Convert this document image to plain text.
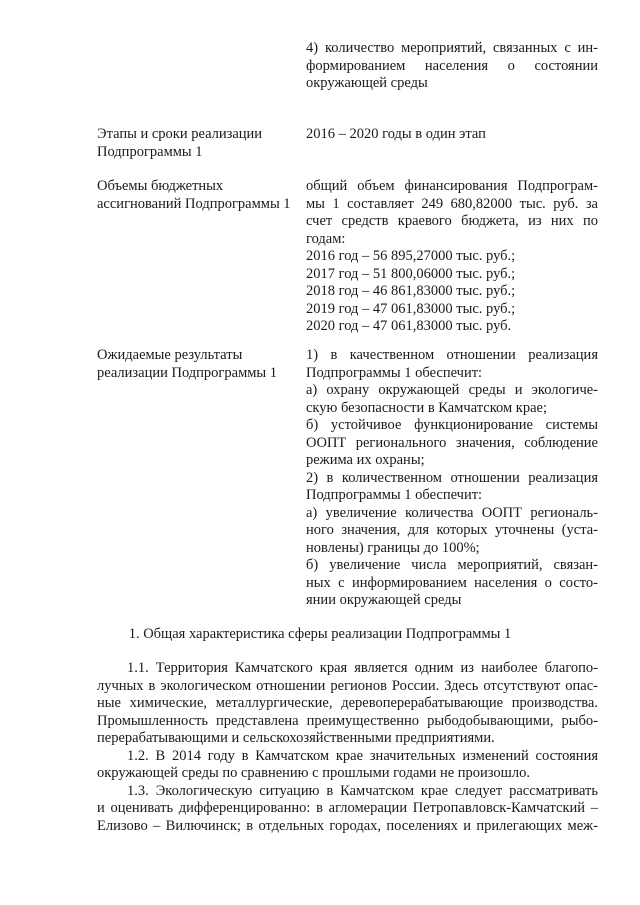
4) количество мероприятий, связанных с ин-
формированием населения о состоянии
окружающей среды
Этапы и сроки реализации
Подпрограммы 1
2016 – 2020 годы в один этап
Объемы бюджетных
ассигнований Подпрограммы 1
общий объем финансирования Подпрограм-
мы 1 составляет 249 680,82000 тыс. руб. за
счет средств краевого бюджета, из них по
годам:
2016 год – 56 895,27000 тыс. руб.;
2017 год – 51 800,06000 тыс. руб.;
2018 год – 46 861,83000 тыс. руб.;
2019 год – 47 061,83000 тыс. руб.;
2020 год – 47 061,83000 тыс. руб.
Ожидаемые результаты
реализации Подпрограммы 1
1) в качественном отношении реализация
Подпрограммы 1 обеспечит:
а) охрану окружающей среды и экологиче-
скую безопасности в Камчатском крае;
б) устойчивое функционирование системы
ООПТ регионального значения, соблюдение
режима их охраны;
2) в количественном отношении реализация
Подпрограммы 1 обеспечит:
а) увеличение количества ООПТ региональ-
ного значения, для которых уточнены (уста-
новлены) границы до 100%;
б) увеличение числа мероприятий, связан-
ных с информированием населения о состо-
янии окружающей среды
1. Общая характеристика сферы реализации Подпрограммы 1
1.1. Территория Камчатского края является одним из наиболее благопо-
лучных в экологическом отношении регионов России. Здесь отсутствуют опас-
ные химические, металлургические, деревоперерабатывающие производства.
Промышленность представлена преимущественно рыбодобывающими, рыбо-
перерабатывающими и сельскохозяйственными предприятиями.
1.2. В 2014 году в Камчатском крае значительных изменений состояния
окружающей среды по сравнению с прошлыми годами не произошло.
1.3. Экологическую ситуацию в Камчатском крае следует рассматривать
и оценивать дифференцированно: в агломерации Петропавловск-Камчатский –
Елизово – Вилючинск; в отдельных городах, поселениях и прилегающих меж-
